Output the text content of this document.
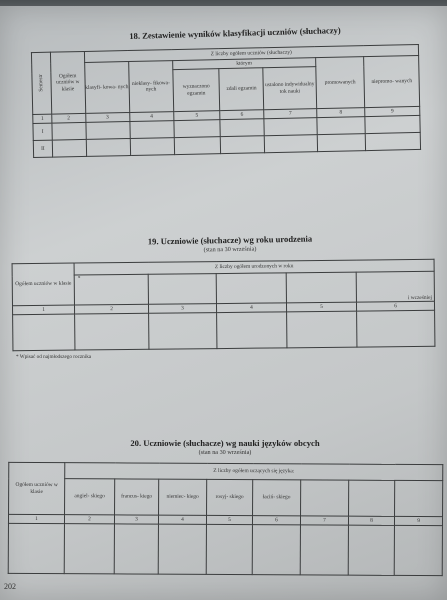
18. Zestawienie wyników klasyfikacji uczniów (słuchaczy)
Semestr	Ogółem uczniów w klasie	Z liczby ogółem uczniów (słuchaczy)						
		klasyfi- kowa- nych	nieklasy- fikowa- nych	którym			promowanych	niepromo- wanych
				wyznaczono egzamin	zdali egzamin	ustalono indywidualny tok nauki		
1	2	3	4	5	6	7	8	9
I								
II								
19. Uczniowie (słuchacze) wg roku urodzenia
(stan na 30 września)
Ogółem uczniów w klasie	Z liczby ogółem urodzonych w roku				
	*				i wcześniej
1	2	3	4	5	6

* Wpisać od najmłodszego rocznika
20. Uczniowie (słuchacze) wg nauki języków obcych
(stan na 30 września)
Ogółem uczniów w klasie	Z liczby ogółem uczących się języka:							
	angiel- skiego	francus- kiego	niemiec- kiego	rosyj- skiego	łaciń- skiego			
1	2	3	4	5	6	7	8	9

202
